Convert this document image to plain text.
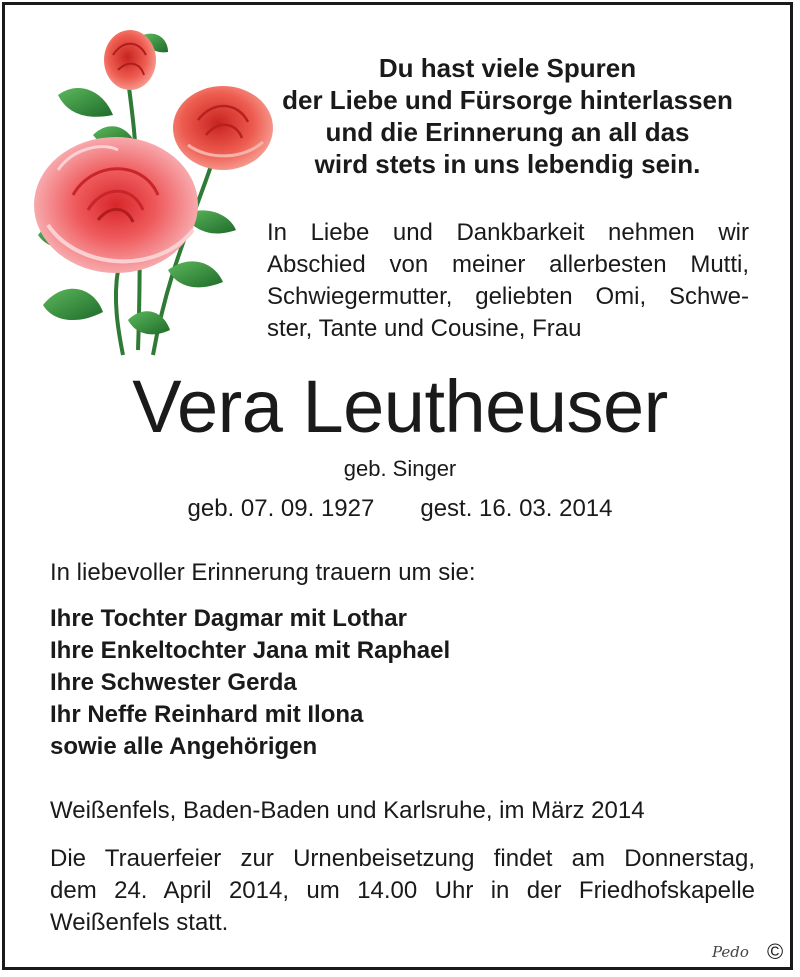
Du hast viele Spuren
der Liebe und Fürsorge hinterlassen
und die Erinnerung an all das
wird stets in uns lebendig sein.
In Liebe und Dankbarkeit nehmen wir
Abschied von meiner allerbesten Mutti,
Schwiegermutter, geliebten Omi, Schwe-
ster, Tante und Cousine, Frau
Vera Leutheuser
geb. Singer
geb. 07. 09. 1927 gest. 16. 03. 2014
In liebevoller Erinnerung trauern um sie:
Ihre Tochter Dagmar mit Lothar
Ihre Enkeltochter Jana mit Raphael
Ihre Schwester Gerda
Ihr Neffe Reinhard mit Ilona
sowie alle Angehörigen
Weißenfels, Baden-Baden und Karlsruhe, im März 2014
Die Trauerfeier zur Urnenbeisetzung findet am Donnerstag,
dem 24. April 2014, um 14.00 Uhr in der Friedhofskapelle
Weißenfels statt.
Pedo ©
